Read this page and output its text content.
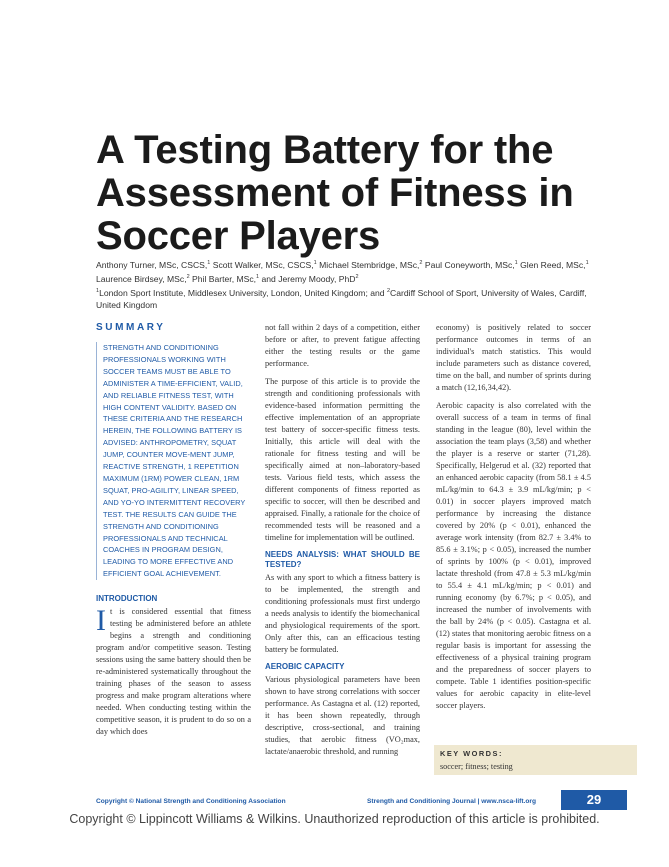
A Testing Battery for the
Assessment of Fitness in
Soccer Players
Anthony Turner, MSc, CSCS,$^1$ Scott Walker, MSc, CSCS,$^1$ Michael Stembridge, MSc,$^2$ Paul Coneyworth, MSc,$^1$ Glen Reed, MSc,$^1$ Laurence Birdsey, MSc,$^2$ Phil Barter, MSc,$^1$ and Jeremy Moody, PhD$^2$
$^1$London Sport Institute, Middlesex University, London, United Kingdom; and $^2$Cardiff School of Sport, University of Wales, Cardiff, United Kingdom
SUMMARY
STRENGTH AND CONDITIONING PROFESSIONALS WORKING WITH SOCCER TEAMS MUST BE ABLE TO ADMINISTER A TIME-EFFICIENT, VALID, AND RELIABLE FITNESS TEST, WITH HIGH CONTENT VALIDITY. BASED ON THESE CRITERIA AND THE RESEARCH HEREIN, THE FOLLOWING BATTERY IS ADVISED: ANTHROPOMETRY, SQUAT JUMP, COUNTER MOVE-MENT JUMP, REACTIVE STRENGTH, 1 REPETITION MAXIMUM (1RM) POWER CLEAN, 1RM SQUAT, PRO-AGILITY, LINEAR SPEED, AND YO-YO INTERMITTENT RECOVERY TEST. THE RESULTS CAN GUIDE THE STRENGTH AND CONDITIONING PROFESSIONALS AND TECHNICAL COACHES IN PROGRAM DESIGN, LEADING TO MORE EFFECTIVE AND EFFICIENT GOAL ACHIEVEMENT.
INTRODUCTION

It is considered essential that fitness testing be administered before an athlete begins a strength and conditioning program and/or competitive season. Testing sessions using the same battery should then be re-administered systematically throughout the training phases of the season to assess progress and make program alterations where needed. When conducting testing within the competitive season, it is prudent to do so on a day which does

not fall within 2 days of a competition, either before or after, to prevent fatigue affecting either the testing results or the game performance.

The purpose of this article is to provide the strength and conditioning professionals with evidence-based information permitting the effective implementation of an appropriate test battery of soccer-specific fitness tests. Initially, this article will deal with the rationale for fitness testing and will be specifically aimed at non–laboratory-based tests. Various field tests, which assess the different components of fitness reported as specific to soccer, will then be described and appraised. Finally, a rationale for the choice of recommended tests will be reasoned and a timeline for implementation will be outlined.

NEEDS ANALYSIS: WHAT SHOULD BE TESTED?

As with any sport to which a fitness battery is to be implemented, the strength and conditioning professionals must first undergo a needs analysis to identify the biomechanical and physiological requirements of the sport. Only after this, can an efficacious testing battery be formulated.

AEROBIC CAPACITY

Various physiological parameters have been shown to have strong correlations with soccer performance. As Castagna et al. (12) reported, it has been shown repeatedly, through descriptive, cross-sectional, and training studies, that aerobic fitness (VO₂max, lactate/anaerobic threshold, and running

economy) is positively related to soccer performance outcomes in terms of an individual's match statistics. This would include parameters such as distance covered, time on the ball, and number of sprints during a match (12,16,34,42).

Aerobic capacity is also correlated with the overall success of a team in terms of final standing in the league (80), level within the association the team plays (3,58) and whether the player is a reserve or starter (71,28). Specifically, Helgerud et al. (32) reported that an enhanced aerobic capacity (from 58.1 ± 4.5 mL/kg/min to 64.3 ± 3.9 mL/kg/min; p < 0.01) in soccer players improved match performance by increasing the distance covered by 20% (p < 0.01), enhanced the average work intensity (from 82.7 ± 3.4% to 85.6 ± 3.1%; p < 0.05), increased the number of sprints by 100% (p < 0.01), improved lactate threshold (from 47.8 ± 5.3 mL/kg/min to 55.4 ± 4.1 mL/kg/min; p < 0.01) and running economy (by 6.7%; p < 0.05), and increased the number of involvements with the ball by 24% (p < 0.05). Castagna et al. (12) states that monitoring aerobic fitness on a regular basis is important for assessing the effectiveness of a physical training program and the preparedness of soccer players to compete. Table 1 identifies position-specific values for aerobic capacity in elite-level soccer players.

KEY WORDS:
soccer; fitness; testing
Copyright © National Strength and Conditioning Association	Strength and Conditioning Journal | www.nsca-lift.org	29
Copyright © Lippincott Williams & Wilkins. Unauthorized reproduction of this article is prohibited.
